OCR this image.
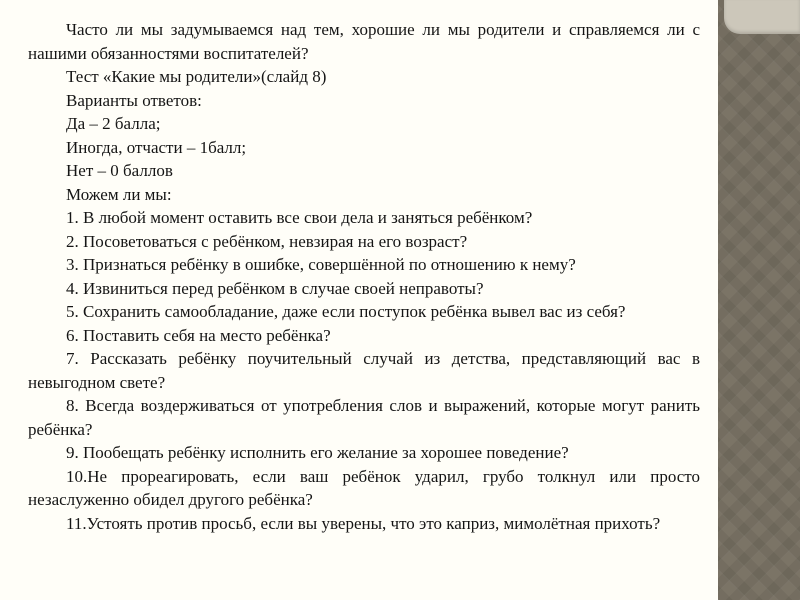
Часто ли мы задумываемся над тем, хорошие ли мы родители и справляемся ли с нашими обязанностями воспитателей?

Тест «Какие мы родители»(слайд 8)

Варианты ответов:

Да – 2 балла;

Иногда, отчасти – 1балл;

Нет – 0 баллов

Можем ли мы:

1. В любой момент оставить все свои дела и заняться ребёнком?

2. Посоветоваться с ребёнком, невзирая на его возраст?

3. Признаться ребёнку в ошибке, совершённой по отношению к нему?

4. Извиниться перед ребёнком в случае своей неправоты?

5. Сохранить самообладание, даже если поступок ребёнка вывел вас из себя?

6. Поставить себя на место ребёнка?

7. Рассказать ребёнку поучительный случай из детства, представляющий вас в невыгодном свете?

8. Всегда воздерживаться от употребления слов и выражений, которые могут ранить ребёнка?

9. Пообещать ребёнку исполнить его желание за хорошее поведение?

10.Не прореагировать, если ваш ребёнок ударил, грубо толкнул или просто незаслуженно обидел другого ребёнка?

11.Устоять против просьб, если вы уверены, что это каприз, мимолётная прихоть?
